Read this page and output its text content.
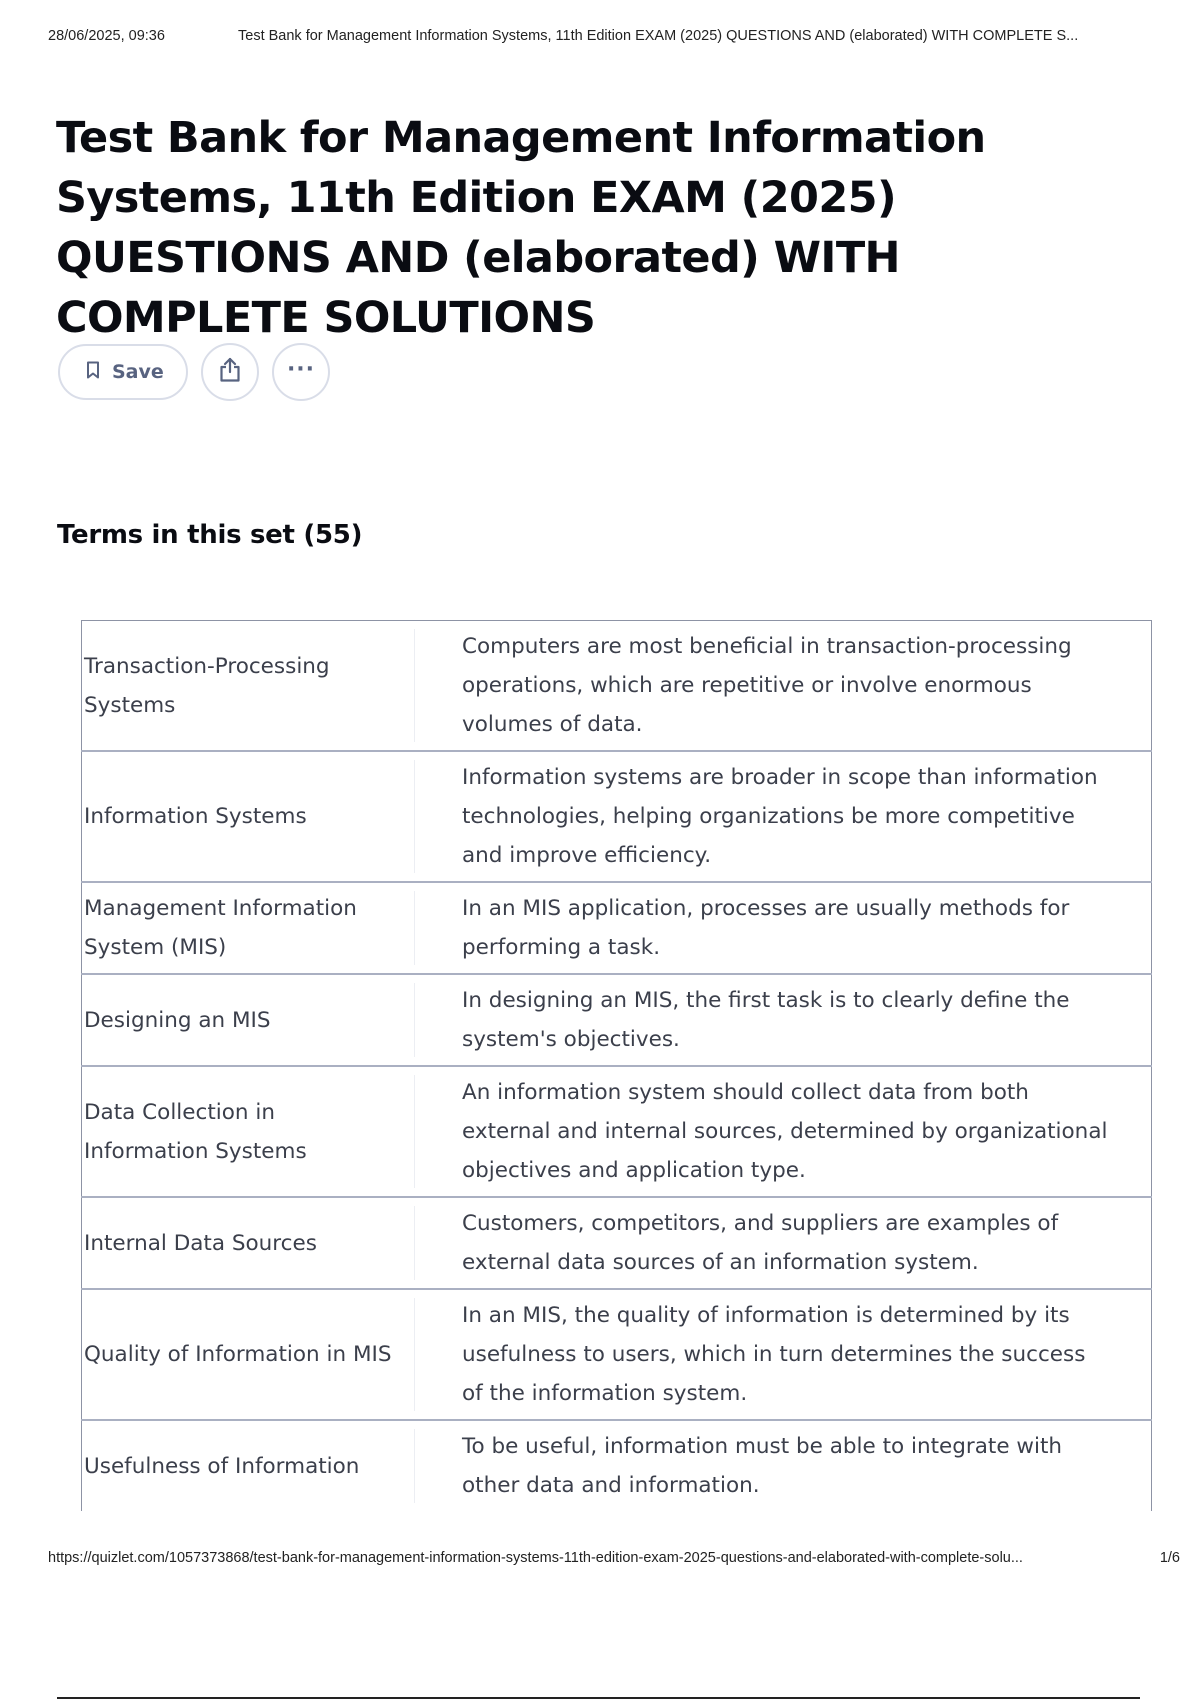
28/06/2025, 09:36	Test Bank for Management Information Systems, 11th Edition EXAM (2025) QUESTIONS AND (elaborated) WITH COMPLETE S...
Test Bank for Management Information Systems, 11th Edition EXAM (2025) QUESTIONS AND (elaborated) WITH COMPLETE SOLUTIONS
Save	···
Terms in this set (55)
Transaction-Processing Systems	Computers are most beneficial in transaction-processing operations, which are repetitive or involve enormous volumes of data.
Information Systems	Information systems are broader in scope than information technologies, helping organizations be more competitive and improve efficiency.
Management Information System (MIS)	In an MIS application, processes are usually methods for performing a task.
Designing an MIS	In designing an MIS, the first task is to clearly define the system's objectives.
Data Collection in Information Systems	An information system should collect data from both external and internal sources, determined by organizational objectives and application type.
Internal Data Sources	Customers, competitors, and suppliers are examples of external data sources of an information system.
Quality of Information in MIS	In an MIS, the quality of information is determined by its usefulness to users, which in turn determines the success of the information system.
Usefulness of Information	To be useful, information must be able to integrate with other data and information.
https://quizlet.com/1057373868/test-bank-for-management-information-systems-11th-edition-exam-2025-questions-and-elaborated-with-complete-solu...	1/6
